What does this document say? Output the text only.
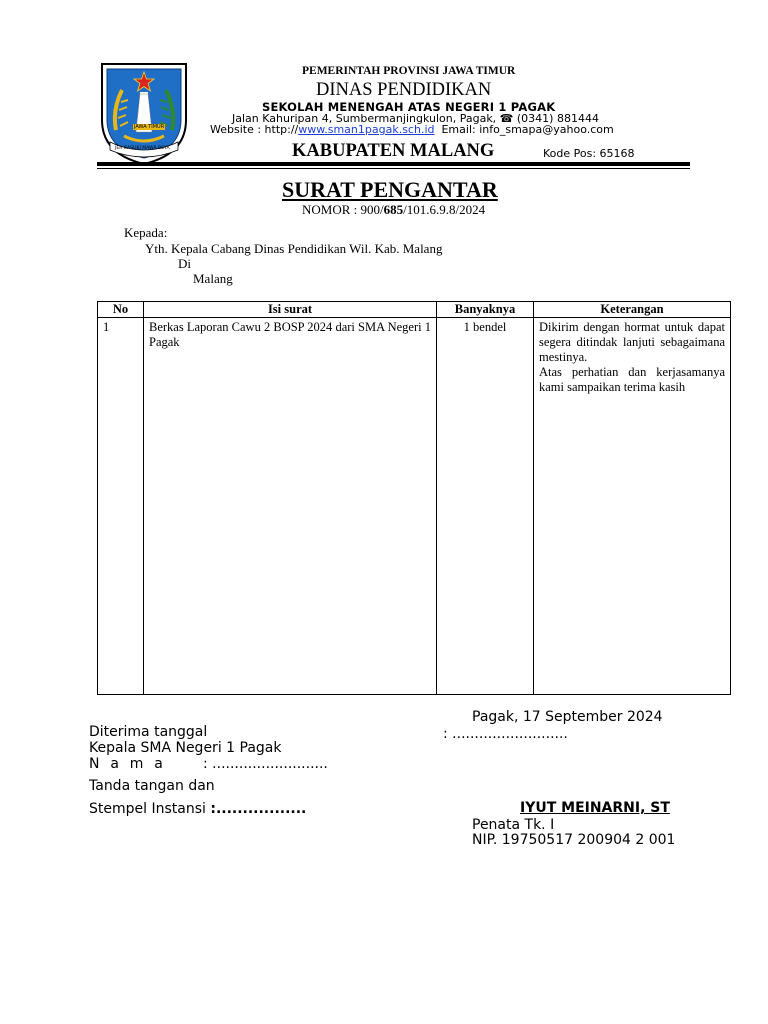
JAWA TIMUR
JER BASUKI MAWA BEYA
PEMERINTAH PROVINSI JAWA TIMUR
DINAS PENDIDIKAN
SEKOLAH MENENGAH ATAS NEGERI 1 PAGAK
Jalan Kahuripan 4, Sumbermanjingkulon, Pagak, ☎ (0341) 881444
Website : http://www.sman1pagak.sch.id Email: info_smapa@yahoo.com
KABUPATEN MALANG	Kode Pos: 65168
SURAT PENGANTAR
NOMOR : 900/685/101.6.9.8/2024
Kepada:
Yth. Kepala Cabang Dinas Pendidikan Wil. Kab. Malang
Di
Malang
No	Isi surat	Banyaknya	Keterangan
1	Berkas Laporan Cawu 2 BOSP 2024 dari SMA Negeri 1 Pagak	1 bendel	Dikirim dengan hormat untuk dapat segera ditindak lanjuti sebagaimana mestinya.
Atas perhatian dan kerjasamanya kami sampaikan terima kasih
Pagak, 17 September 2024
Diterima tanggal	: ..........................
Kepala SMA Negeri 1 Pagak
N a m a	: ..........................
Tanda tangan dan
Stempel Instansi :.................	IYUT MEINARNI, ST
Penata Tk. I
NIP. 19750517 200904 2 001
